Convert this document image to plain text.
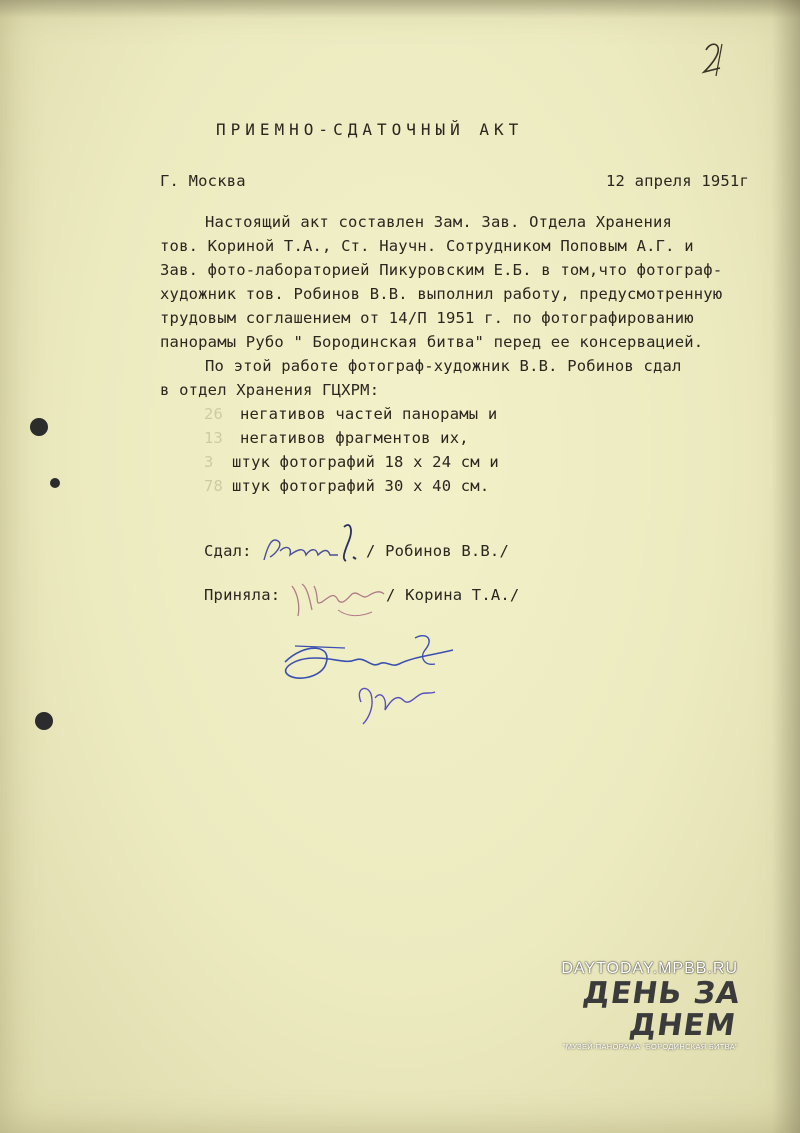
ПРИЕМНО-СДАТОЧНЫЙ АКТ
Г. Москва	12 апреля 1951г
Настоящий акт составлен Зам. Зав. Отдела Хранения
тов. Кориной Т.А., Ст. Научн. Сотрудником Поповым А.Г. и
Зав. фото-лабораторией Пикуровским Е.Б. в том,что фотограф-
художник тов. Робинов В.В. выполнил работу, предусмотренную
трудовым соглашением от 14/П 1951 г. по фотографированию
панорамы Рубо " Бородинская битва" перед ее консервацией.
По этой работе фотограф-художник В.В. Робинов сдал
в отдел Хранения ГЦХРМ:
26 негативов частей панорамы и
13 негативов фрагментов их,
3 штук фотографий 18 х 24 см и
78 штук фотографий 30 х 40 см.
Сдал:	/ Робинов В.В./
Приняла:	/ Корина Т.А./
DAYTODAY.MPBB.RU
ДЕНЬ ЗА ДНЕМ
"МУЗЕЙ-ПАНОРАМА "БОРОДИНСКАЯ БИТВА"
